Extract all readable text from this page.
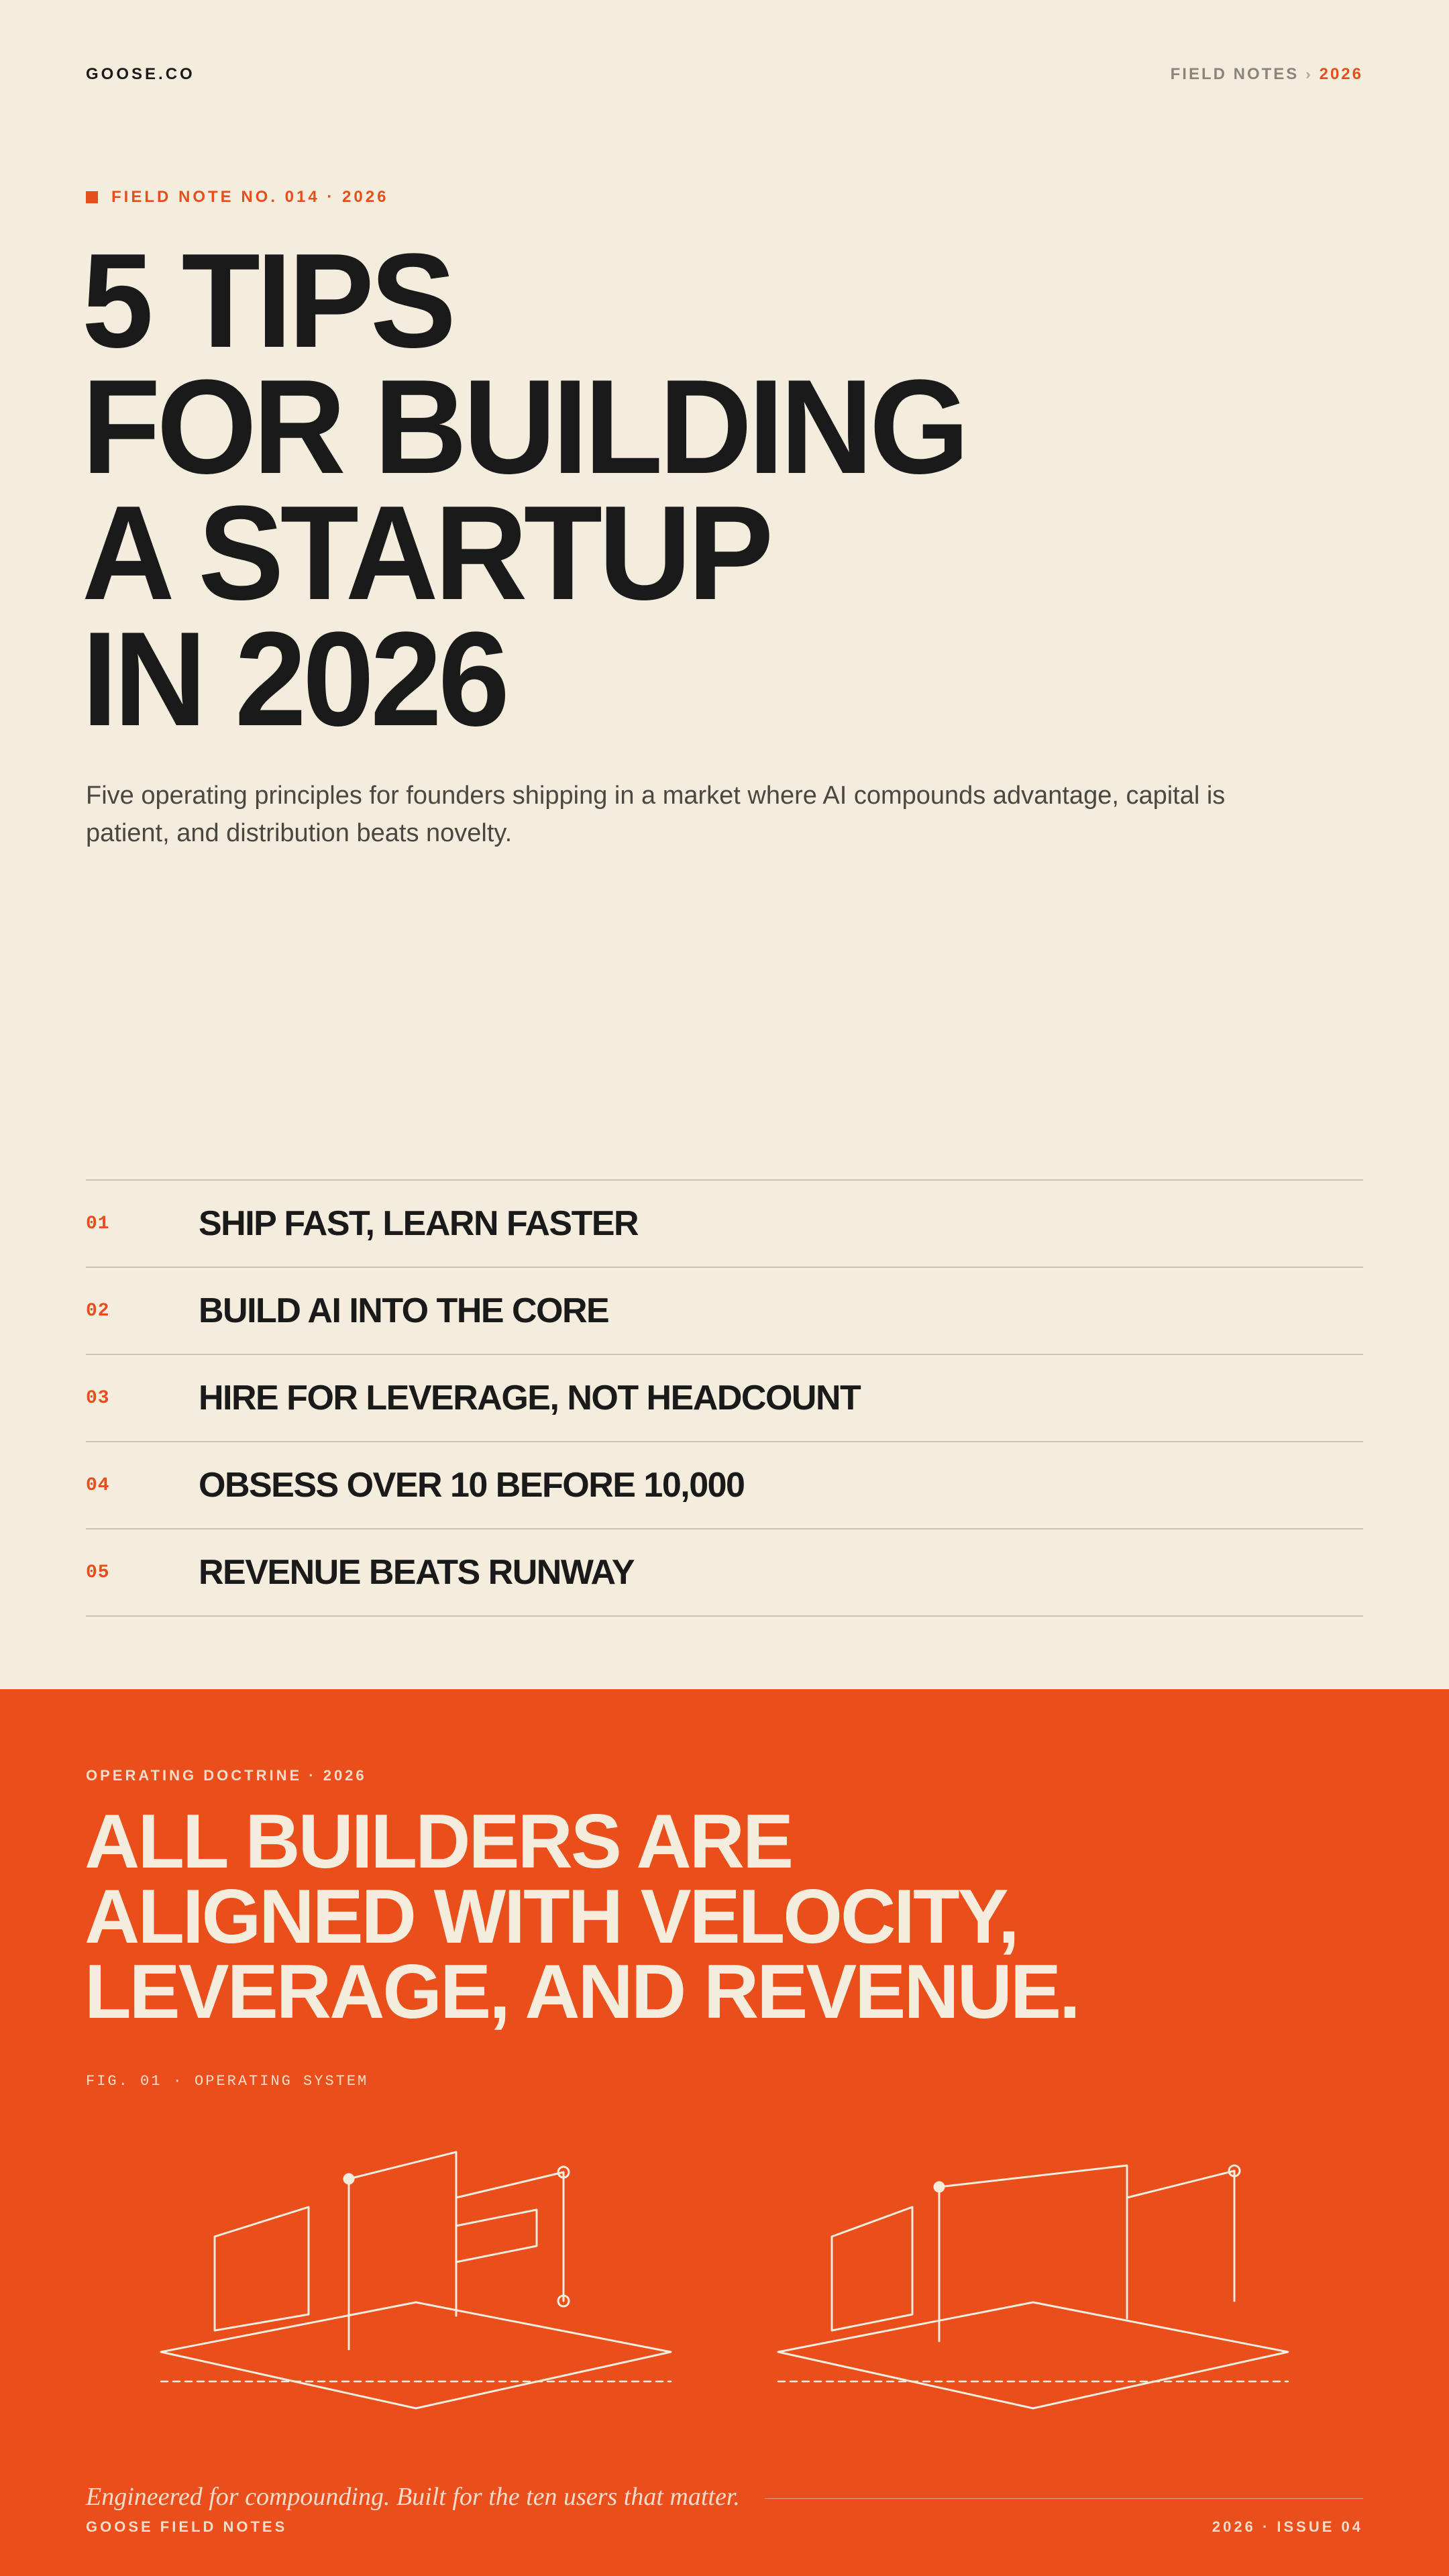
GOOSE.CO	FIELD NOTES › 2026
FIELD NOTE NO. 014 · 2026
5 TIPS
FOR BUILDING
A STARTUP
IN 2026

Five operating principles for founders shipping in a market where AI compounds advantage, capital is patient, and distribution beats novelty.

01	SHIP FAST, LEARN FASTER
02	BUILD AI INTO THE CORE
03	HIRE FOR LEVERAGE, NOT HEADCOUNT
04	OBSESS OVER 10 BEFORE 10,000
05	REVENUE BEATS RUNWAY
OPERATING DOCTRINE · 2026
ALL BUILDERS ARE
ALIGNED WITH VELOCITY,
LEVERAGE, AND REVENUE.
FIG. 01 · OPERATING SYSTEM

Engineered for compounding. Built for the ten users that matter.

GOOSE FIELD NOTES	2026 · ISSUE 04
